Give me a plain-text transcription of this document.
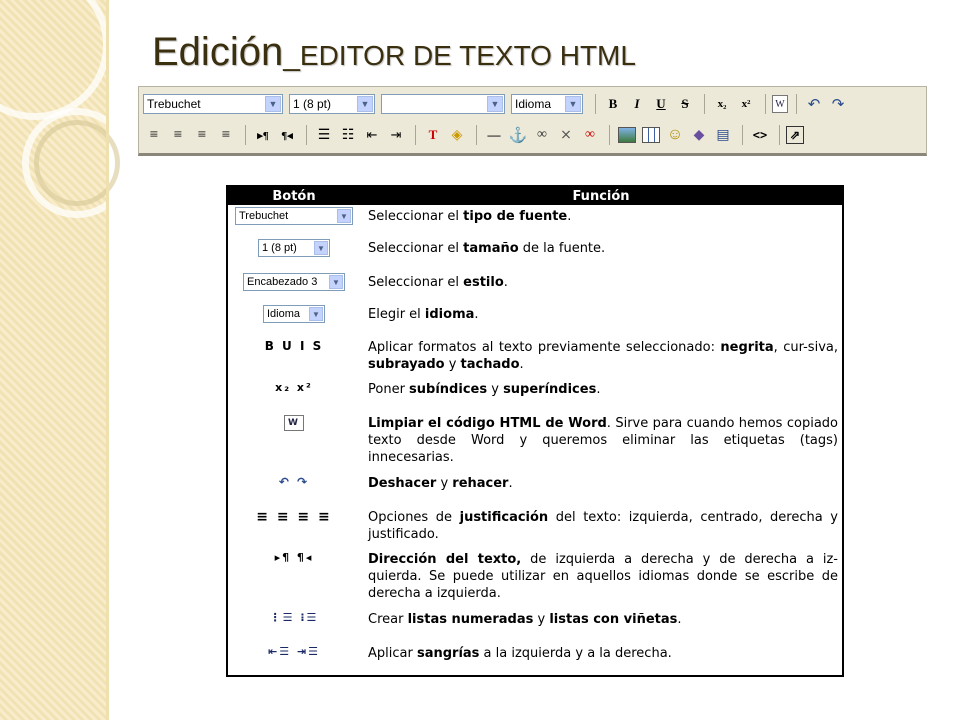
Edición_EDITOR DE TEXTO HTML
Trebuchet	▼ 1 (8 pt)	▼	▼ Idioma	▼	B	I	U	S	x₂	x²	W	↶ ↷
≡	≡	≡	≡	▸¶	¶◂	☰ ☷ ⇤	⇥	T	◈	— ⚓ ∞ ⨯ ∞	☺ ◆ ▤	<>	⇗
Botón	Función
Trebuchet	▼ Seleccionar el tipo de fuente.
1 (8 pt)	▼	Seleccionar el tamaño de la fuente.
Encabezado 3	▼ Seleccionar el estilo.
Idioma	▼	Elegir el idioma.
B U I S	Aplicar formatos al texto previamente seleccionado: negrita, cur-siva, subrayado y tachado.
x₂ x²	Poner subíndices y superíndices.
W	Limpiar el código HTML de Word. Sirve para cuando hemos copiado texto desde Word y queremos eliminar las etiquetas (tags) innecesarias.
↶ ↷	Deshacer y rehacer.
≡ ≡ ≡ ≡	Opciones de justificación del texto: izquierda, centrado, derecha y justificado.
▸¶ ¶◂	Dirección del texto, de izquierda a derecha y de derecha a iz-quierda. Se puede utilizar en aquellos idiomas donde se escribe de derecha a izquierda.
⋮☰ ⁝☰	Crear listas numeradas y listas con viñetas.
⇤☰ ⇥☰	Aplicar sangrías a la izquierda y a la derecha.
